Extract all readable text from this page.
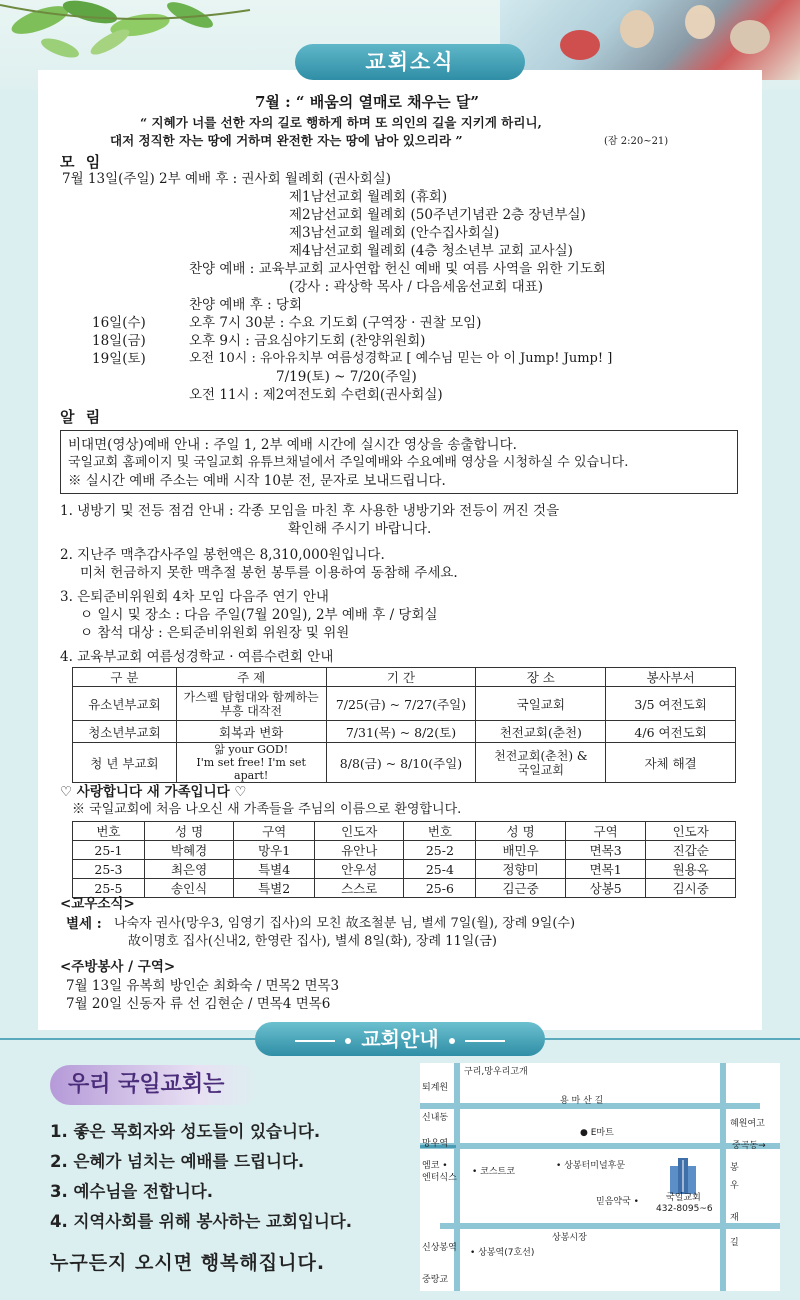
교회소식
7월 : “ 배움의 열매로 채우는 달”
“ 지혜가 너를 선한 자의 길로 행하게 하며 또 의인의 길을 지키게 하리니,
대저 정직한 자는 땅에 거하며 완전한 자는 땅에 남아 있으리라 ”	(잠 2:20~21)
모 임
7월 13일(주일) 2부 예배 후 : 권사회 월례회 (권사회실)
제1남선교회 월례회 (휴회)
제2남선교회 월례회 (50주년기념관 2층 장년부실)
제3남선교회 월례회 (안수집사회실)
제4남선교회 월례회 (4층 청소년부 교회 교사실)
찬양 예배 : 교육부교회 교사연합 헌신 예배 및 여름 사역을 위한 기도회
(강사 : 곽상학 목사 / 다음세움선교회 대표)
찬양 예배 후 : 당회
16일(수)	오후 7시 30분 : 수요 기도회 (구역장 · 권찰 모임)
18일(금)	오후 9시 : 금요심야기도회 (찬양위원회)
19일(토)	오전 10시 : 유아유치부 여름성경학교 [ 예수님 믿는 아 이 Jump! Jump! ]
7/19(토) ~ 7/20(주일)
오전 11시 : 제2여전도회 수련회(권사회실)
알 림
비대면(영상)예배 안내 : 주일 1, 2부 예배 시간에 실시간 영상을 송출합니다.
국일교회 홈페이지 및 국일교회 유튜브채널에서 주일예배와 수요예배 영상을 시청하실 수 있습니다.
※ 실시간 예배 주소는 예배 시작 10분 전, 문자로 보내드립니다.
1. 냉방기 및 전등 점검 안내 : 각종 모임을 마친 후 사용한 냉방기와 전등이 꺼진 것을
확인해 주시기 바랍니다.
2. 지난주 맥추감사주일 봉헌액은 8,310,000원입니다.
미처 헌금하지 못한 맥추절 봉헌 봉투를 이용하여 동참해 주세요.
3. 은퇴준비위원회 4차 모임 다음주 연기 안내
ㅇ 일시 및 장소 : 다음 주일(7월 20일), 2부 예배 후 / 당회실
ㅇ 참석 대상 : 은퇴준비위원회 위원장 및 위원
4. 교육부교회 여름성경학교 · 여름수련회 안내
구 분	주 제	기 간	장 소	봉사부서
유소년부교회	가스펠 탐험대와 함께하는
부흥 대작전	7/25(금) ~ 7/27(주일)	국일교회	3/5 여전도회
청소년부교회	회복과 변화	7/31(목) ~ 8/2(토)	천전교회(춘천)	4/6 여전도회
청 년 부교회	앎 your GOD!
I'm set free! I'm set apart!	8/8(금) ~ 8/10(주일)	천전교회(춘천) &
국일교회	자체 해결
♡ 사랑합니다 새 가족입니다 ♡
※ 국일교회에 처음 나오신 새 가족들을 주님의 이름으로 환영합니다.
번호	성 명	구역	인도자	번호	성 명	구역	인도자
25-1	박혜경	망우1	유안나	25-2	배민우	면목3	진갑순
25-3	최은영	특별4	안우성	25-4	정향미	면목1	원용옥
25-5	송인식	특별2	스스로	25-6	김근중	상봉5	김시중
<교우소식>
별세 : 나숙자 권사(망우3, 임영기 집사)의 모친 故조철분 님, 별세 7일(월), 장례 9일(수)
故이명호 집사(신내2, 한영란 집사), 별세 8일(화), 장례 11일(금)
<주방봉사 / 구역>
7월 13일 유복희 방인순 최화숙 / 면목2 면목3
7월 20일 신동자 류 선 김현순 / 면목4 면목6
교회안내
우리 국일교회는
1. 좋은 목회자와 성도들이 있습니다.
2. 은혜가 넘치는 예배를 드립니다.
3. 예수님을 전합니다.
4. 지역사회를 위해 봉사하는 교회입니다.
누구든지 오시면 행복해집니다.
구리,망우리고개
퇴계원
용 마 산 길
신내동
● E마트
혜원여고
망우역	중곡동→
엠코 •
엔터식스
• 코스트코
• 상봉터미널후문
국일교회
432-8095~6
믿음약국 •
봉
우
재
길
신상봉역 • 상봉역(7호선)
상봉시장
중랑교
